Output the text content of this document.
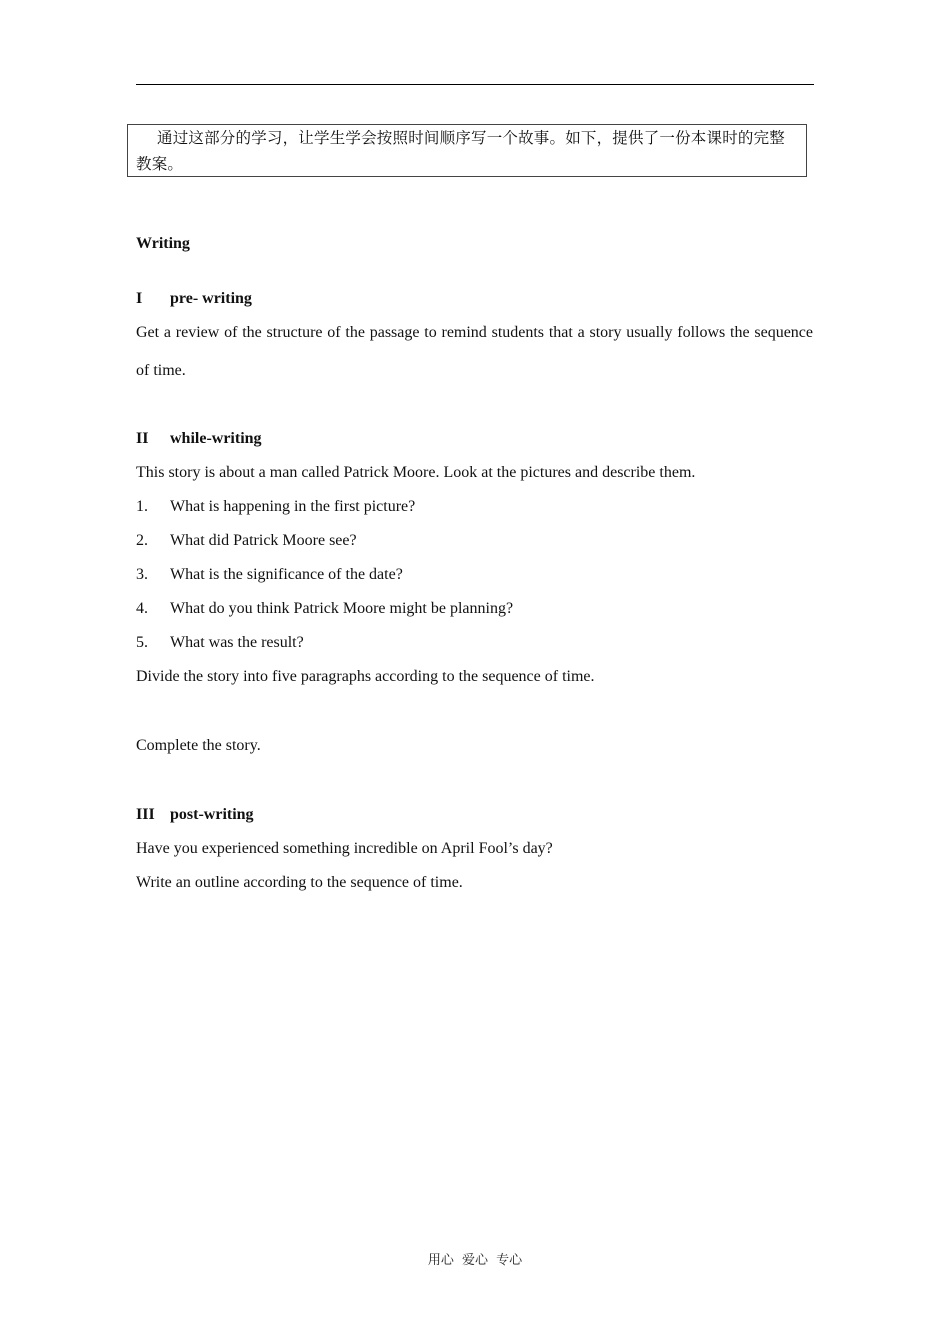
通过这部分的学习，让学生学会按照时间顺序写一个故事。如下，提供了一份本课时的完整教案。
Writing
I	pre- writing
Get a review of the structure of the passage to remind students that a story usually follows the sequence of time.
II	while-writing
This story is about a man called Patrick Moore. Look at the pictures and describe them.
1.	What is happening in the first picture?
2.	What did Patrick Moore see?
3.	What is the significance of the date?
4.	What do you think Patrick Moore might be planning?
5.	What was the result?
Divide the story into five paragraphs according to the sequence of time.
Complete the story.
III post-writing
Have you experienced something incredible on April Fool’s day?
Write an outline according to the sequence of time.
用心 爱心 专心
